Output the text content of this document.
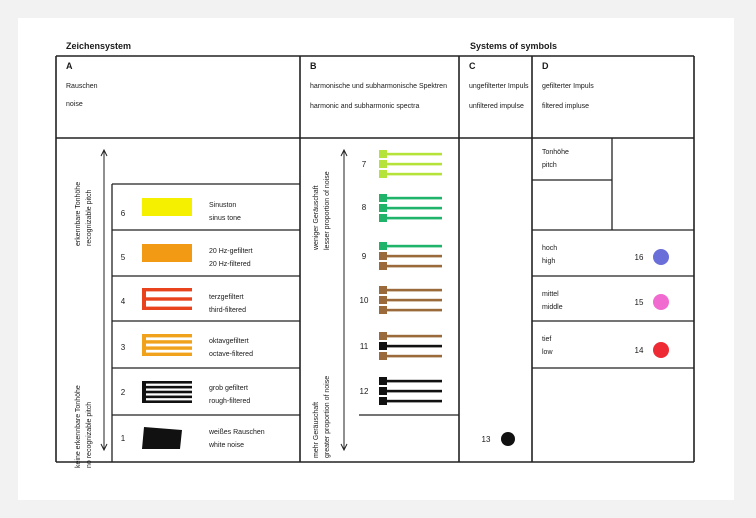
Zeichensystem	Systems of symbols
A
Rauschen
noise
B
harmonische und subharmonische Spektren
harmonic and subharmonic spectra
C
ungefilterter Impuls
unfiltered impulse
D
gefilterter Impuls
filtered impluse
erkennbare Tonhöhe recognizable pitch
keine erkennbare Tonhöhe no recognizable pitch
weniger Geräuschaft lesser proportion of noise
mehr Geräuschaft greater proportion of noise
6
Sinuston
sinus tone
5
20 Hz-gefiltert
20 Hz-filtered
4	terzgefiltert
third-filtered
3
oktavgefiltert
octave-filtered
2	grob gefiltert
rough-filtered
1
weißes Rauschen
white noise
7
8
9
10
11
12
13
Tonhöhe
pitch
hoch
high	16
mittel
middle
15
tief
low	14
